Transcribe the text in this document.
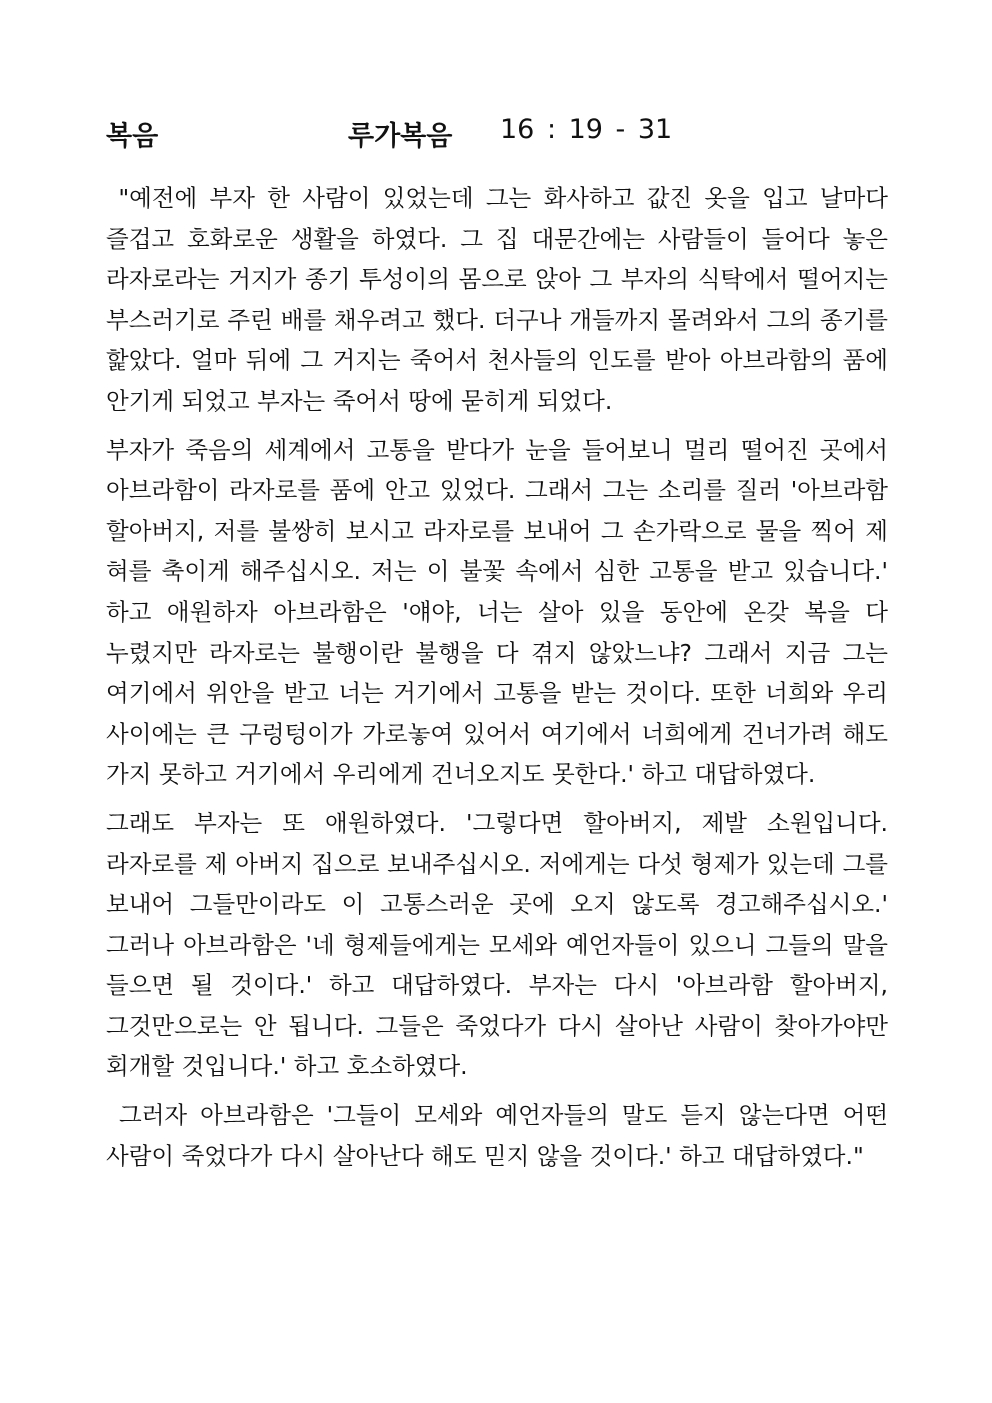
복음	루가복음 16 : 19 - 31

"예전에 부자 한 사람이 있었는데 그는 화사하고 값진 옷을 입고 날마다 즐겁고 호화로운 생활을 하였다. 그 집 대문간에는 사람들이 들어다 놓은 라자로라는 거지가 종기 투성이의 몸으로 앉아 그 부자의 식탁에서 떨어지는 부스러기로 주린 배를 채우려고 했다. 더구나 개들까지 몰려와서 그의 종기를 핥았다. 얼마 뒤에 그 거지는 죽어서 천사들의 인도를 받아 아브라함의 품에 안기게 되었고 부자는 죽어서 땅에 묻히게 되었다.

부자가 죽음의 세계에서 고통을 받다가 눈을 들어보니 멀리 떨어진 곳에서 아브라함이 라자로를 품에 안고 있었다. 그래서 그는 소리를 질러 '아브라함 할아버지, 저를 불쌍히 보시고 라자로를 보내어 그 손가락으로 물을 찍어 제 혀를 축이게 해주십시오. 저는 이 불꽃 속에서 심한 고통을 받고 있습니다.' 하고 애원하자 아브라함은 '얘야, 너는 살아 있을 동안에 온갖 복을 다 누렸지만 라자로는 불행이란 불행을 다 겪지 않았느냐? 그래서 지금 그는 여기에서 위안을 받고 너는 거기에서 고통을 받는 것이다. 또한 너희와 우리 사이에는 큰 구렁텅이가 가로놓여 있어서 여기에서 너희에게 건너가려 해도 가지 못하고 거기에서 우리에게 건너오지도 못한다.' 하고 대답하였다.

그래도 부자는 또 애원하였다. '그렇다면 할아버지, 제발 소원입니다. 라자로를 제 아버지 집으로 보내주십시오. 저에게는 다섯 형제가 있는데 그를 보내어 그들만이라도 이 고통스러운 곳에 오지 않도록 경고해주십시오.' 그러나 아브라함은 '네 형제들에게는 모세와 예언자들이 있으니 그들의 말을 들으면 될 것이다.' 하고 대답하였다. 부자는 다시 '아브라함 할아버지, 그것만으로는 안 됩니다. 그들은 죽었다가 다시 살아난 사람이 찾아가야만 회개할 것입니다.' 하고 호소하였다.

그러자 아브라함은 '그들이 모세와 예언자들의 말도 듣지 않는다면 어떤 사람이 죽었다가 다시 살아난다 해도 믿지 않을 것이다.' 하고 대답하였다."
